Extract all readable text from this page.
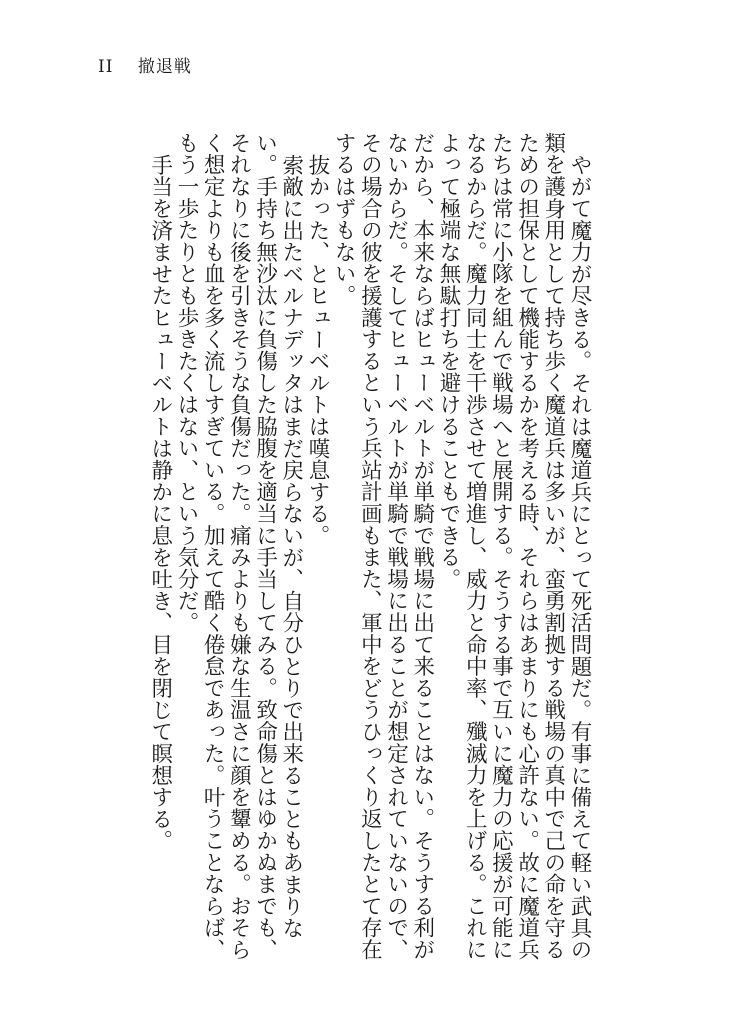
II 撤退戦

やがて魔力が尽きる。それは魔道兵にとって死活問題だ。有事に備えて軽い武具の類を護身用として持ち歩く魔道兵は多いが、蛮勇割拠する戦場の真中で己の命を守るための担保として機能するかを考える時、それらはあまりにも心許ない。故に魔道兵たちは常に小隊を組んで戦場へと展開する。そうする事で互いに魔力の応援が可能になるからだ。魔力同士を干渉させて増進し、威力と命中率、殲滅力を上げる。これによって極端な無駄打ちを避けることもできる。

だから、本来ならばヒューベルトが単騎で戦場に出て来ることはない。そうする利がないからだ。そしてヒューベルトが単騎で戦場に出ることが想定されていないので、その場合の彼を援護するという兵站計画もまた、軍中をどうひっくり返したとて存在するはずもない。

抜かった、とヒューベルトは嘆息する。

索敵に出たベルナデッタはまだ戻らないが、自分ひとりで出来ることもあまりない。手持ち無沙汰に負傷した脇腹を適当に手当してみる。致命傷とはゆかぬまでも、それなりに後を引きそうな負傷だった。痛みよりも嫌な生温さに顔を顰める。おそらく想定よりも血を多く流しすぎている。加えて酷く倦怠であった。叶うことならば、もう一歩たりとも歩きたくはない、という気分だ。

手当を済ませたヒューベルトは静かに息を吐き、目を閉じて瞑想する。
